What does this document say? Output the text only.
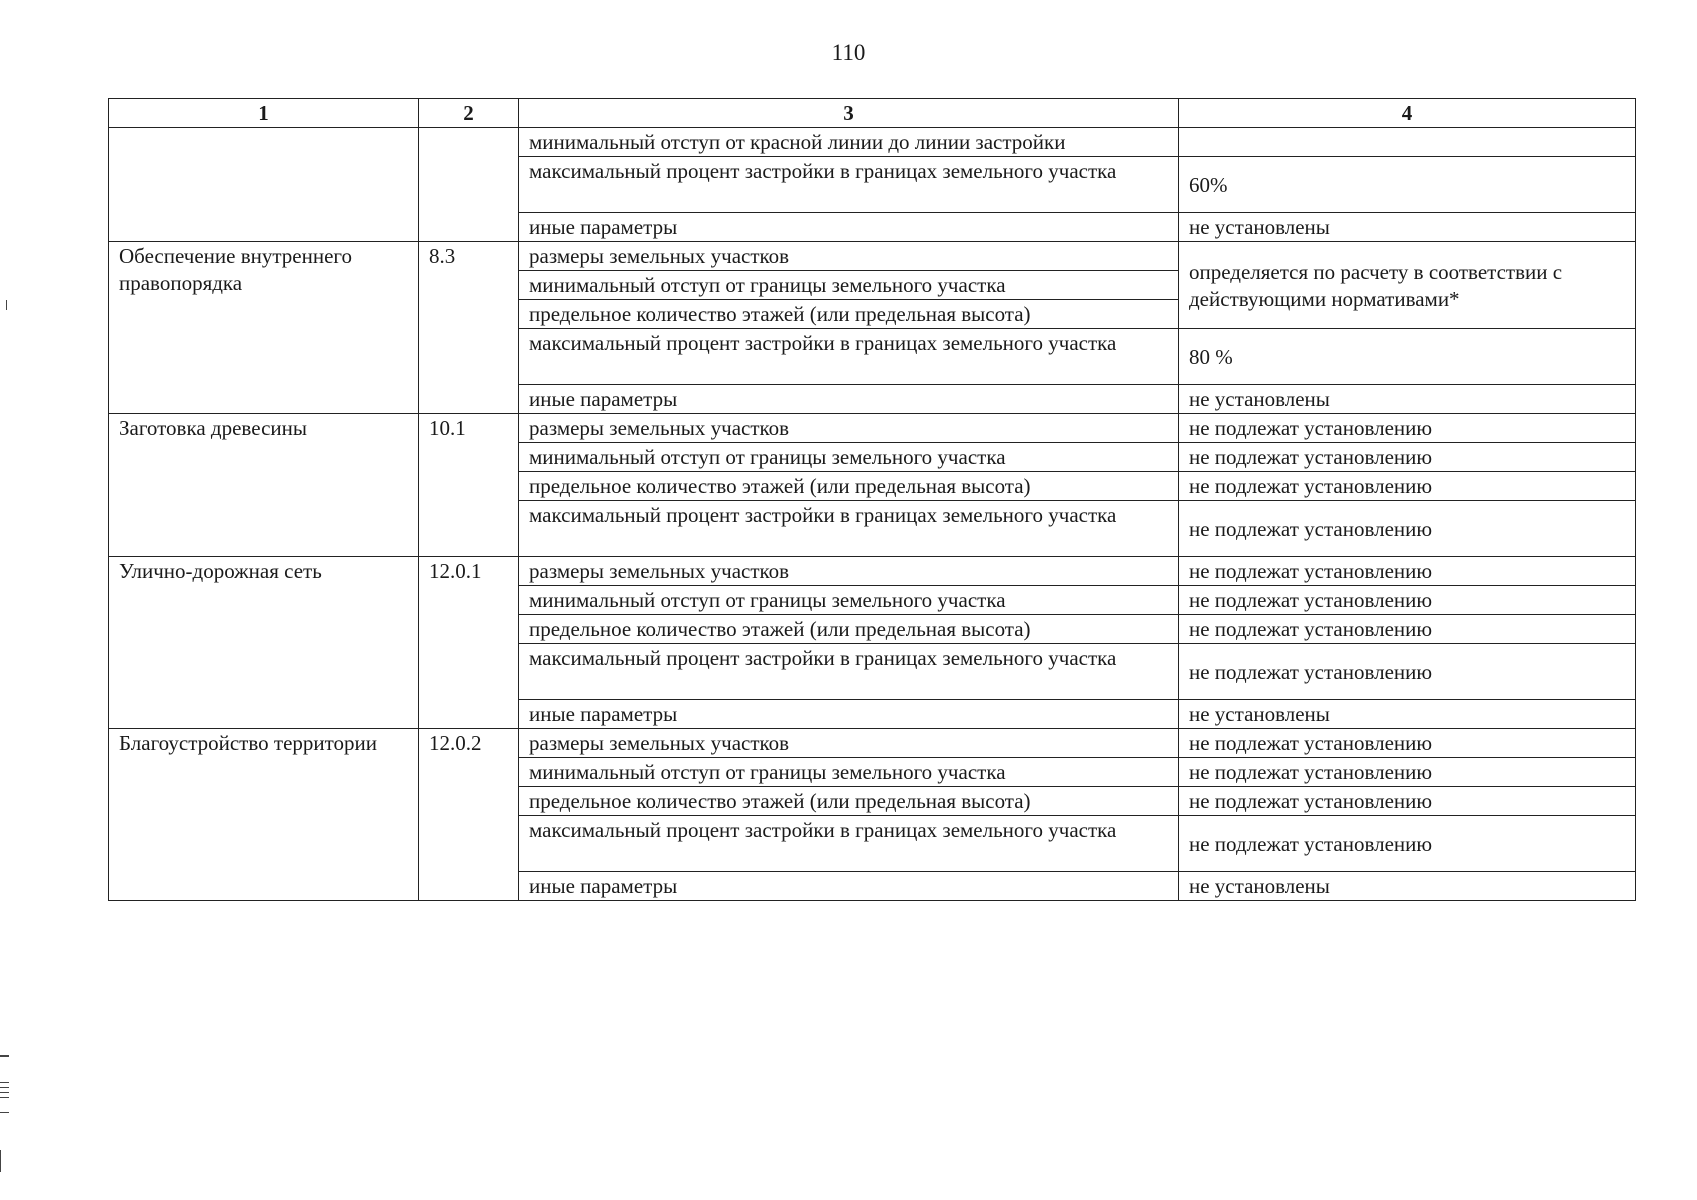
110
1	2	3	4
		минимальный отступ от красной линии до линии застройки	
		максимальный процент застройки в границах земельного участка	60%
		иные параметры	не установлены
Обеспечение внутреннего правопорядка	8.3	размеры земельных участков	определяется по расчету в соответствии с действующими нормативами*
		минимальный отступ от границы земельного участка	
		предельное количество этажей (или предельная высота)	
		максимальный процент застройки в границах земельного участка	80 %
		иные параметры	не установлены
Заготовка древесины	10.1	размеры земельных участков	не подлежат установлению
		минимальный отступ от границы земельного участка	не подлежат установлению
		предельное количество этажей (или предельная высота)	не подлежат установлению
		максимальный процент застройки в границах земельного участка	не подлежат установлению
Улично-дорожная сеть	12.0.1	размеры земельных участков	не подлежат установлению
		минимальный отступ от границы земельного участка	не подлежат установлению
		предельное количество этажей (или предельная высота)	не подлежат установлению
		максимальный процент застройки в границах земельного участка	не подлежат установлению
		иные параметры	не установлены
Благоустройство территории	12.0.2	размеры земельных участков	не подлежат установлению
		минимальный отступ от границы земельного участка	не подлежат установлению
		предельное количество этажей (или предельная высота)	не подлежат установлению
		максимальный процент застройки в границах земельного участка	не подлежат установлению
		иные параметры	не установлены
